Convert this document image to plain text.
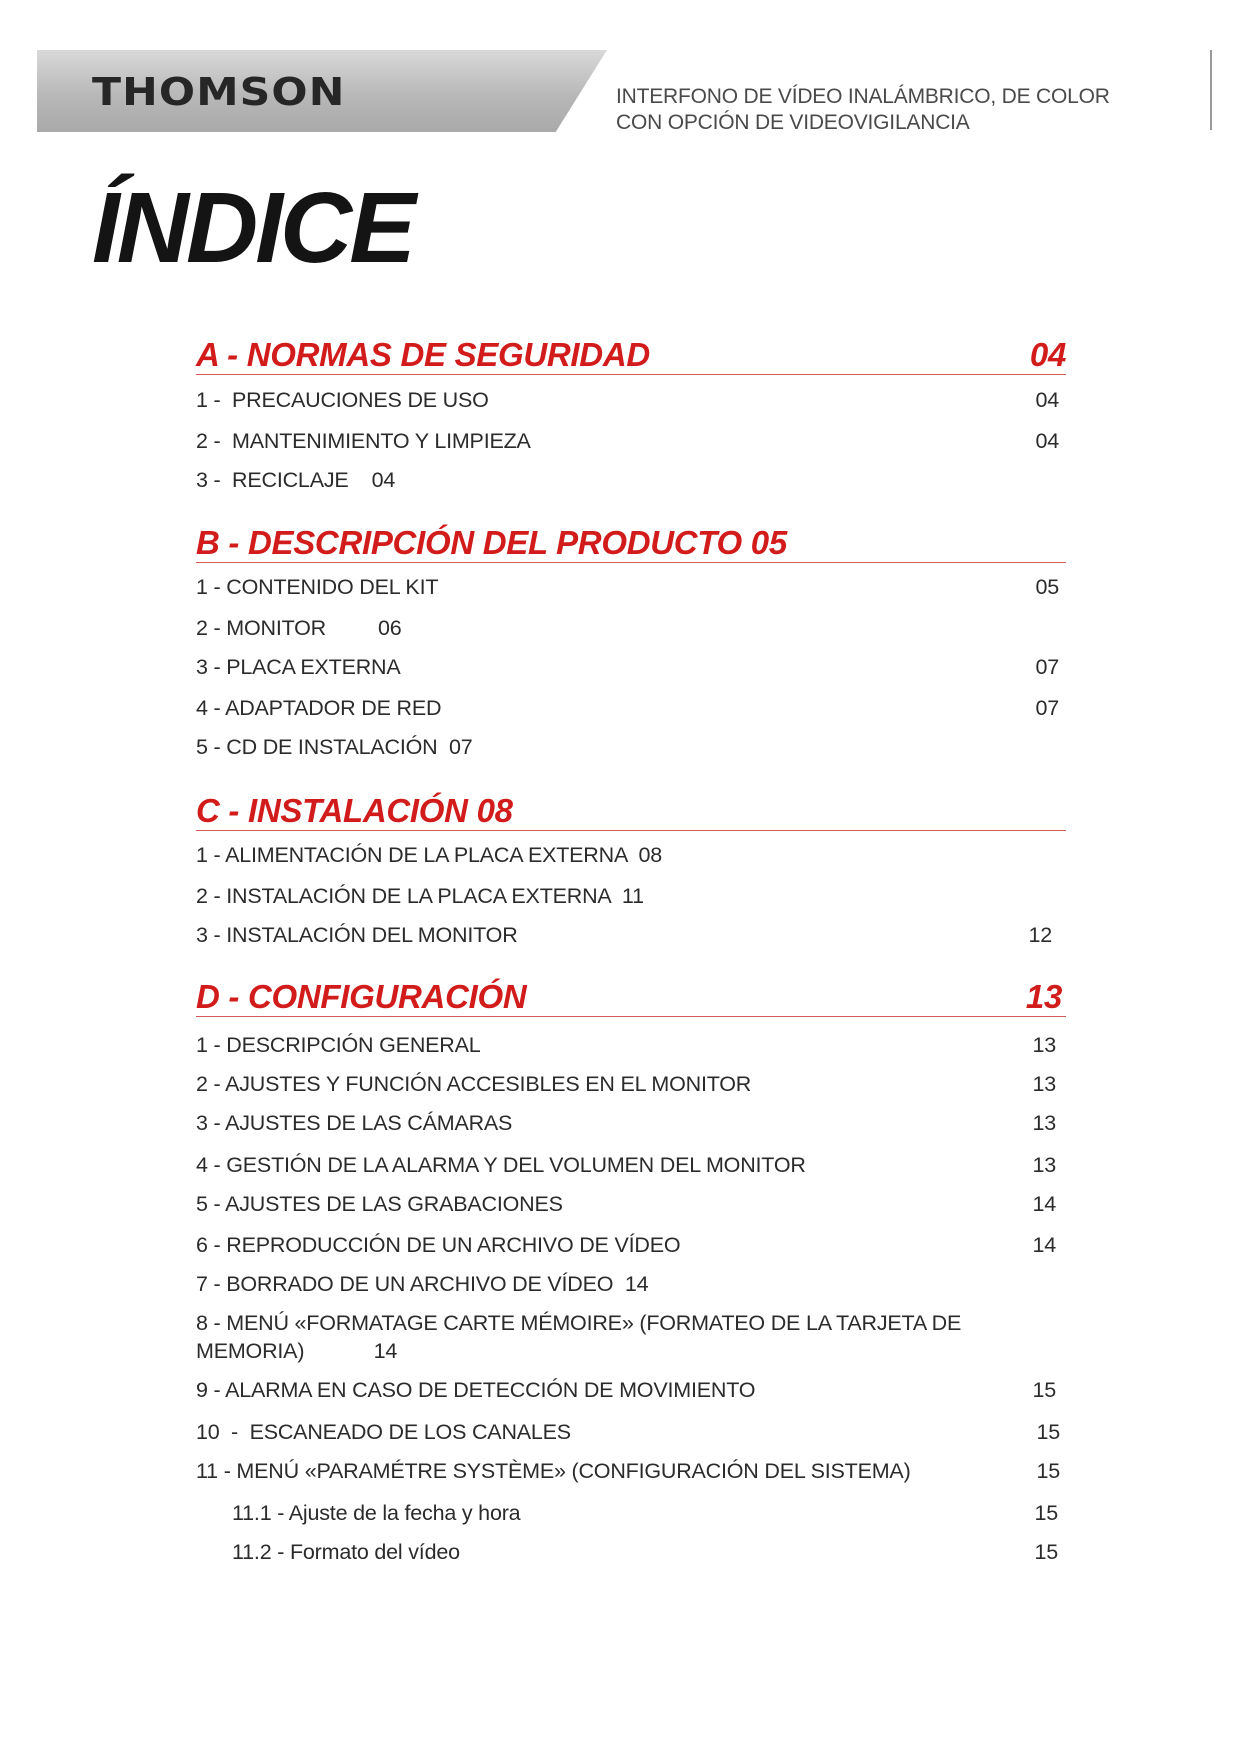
THOMSON	INTERFONO DE VÍDEO INALÁMBRICO, DE COLOR
CON OPCIÓN DE VIDEOVIGILANCIA
ÍNDICE
A - NORMAS DE SEGURIDAD	04
1 -  PRECAUCIONES DE USO	04
2 -  MANTENIMIENTO Y LIMPIEZA	04
3 -  RECICLAJE    04
B - DESCRIPCIÓN DEL PRODUCTO 05
1 - CONTENIDO DEL KIT	05
2 - MONITOR         06
3 - PLACA EXTERNA	07
4 - ADAPTADOR DE RED	07
5 - CD DE INSTALACIÓN  07
C - INSTALACIÓN 08
1 - ALIMENTACIÓN DE LA PLACA EXTERNA  08
2 - INSTALACIÓN DE LA PLACA EXTERNA  11
3 - INSTALACIÓN DEL MONITOR	12
D - CONFIGURACIÓN	13
1 - DESCRIPCIÓN GENERAL	13
2 - AJUSTES Y FUNCIÓN ACCESIBLES EN EL MONITOR	13
3 - AJUSTES DE LAS CÁMARAS	13
4 - GESTIÓN DE LA ALARMA Y DEL VOLUMEN DEL MONITOR	13
5 - AJUSTES DE LAS GRABACIONES	14
6 - REPRODUCCIÓN DE UN ARCHIVO DE VÍDEO	14
7 - BORRADO DE UN ARCHIVO DE VÍDEO  14
8 - MENÚ «FORMATAGE CARTE MÉMOIRE» (FORMATEO DE LA TARJETA DE MEMORIA)            14
9 - ALARMA EN CASO DE DETECCIÓN DE MOVIMIENTO	15
10  -  ESCANEADO DE LOS CANALES	15
11 - MENÚ «PARAMÉTRE SYSTÈME» (CONFIGURACIÓN DEL SISTEMA)	15
11.1 - Ajuste de la fecha y hora	15
11.2 - Formato del vídeo	15
